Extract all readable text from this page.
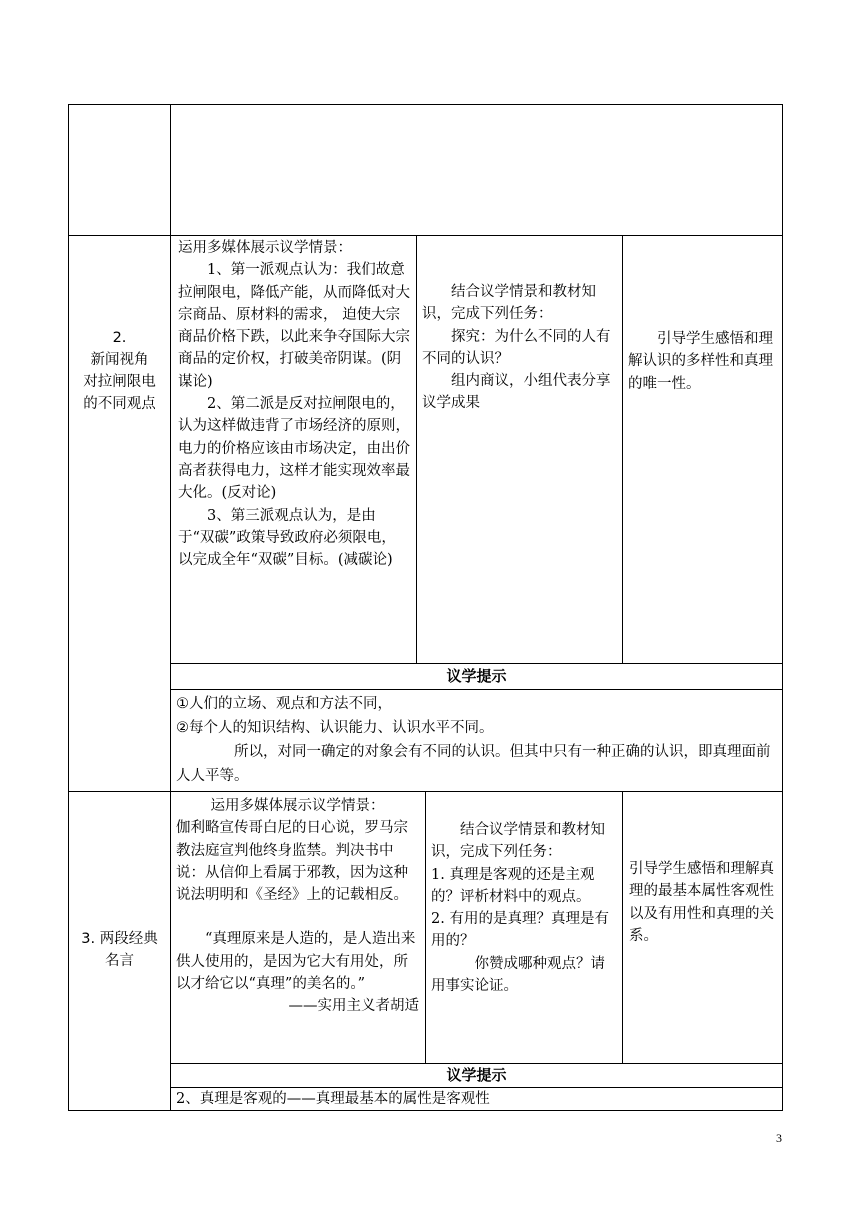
2.
新闻视角
对拉闸限电
的不同观点

运用多媒体展示议学情景：

1、第一派观点认为：我们故意拉闸限电，降低产能，从而降低对大宗商品、原材料的需求， 迫使大宗商品价格下跌，以此来争夺国际大宗商品的定价权，打破美帝阴谋。(阴谋论)

2、第二派是反对拉闸限电的，认为这样做违背了市场经济的原则，电力的价格应该由市场决定，由出价高者获得电力，这样才能实现效率最大化。(反对论)

3、第三派观点认为，是由于“双碳”政策导致政府必须限电，以完成全年“双碳”目标。(减碳论)

结合议学情景和教材知识，完成下列任务：

探究：为什么不同的人有不同的认识？

组内商议，小组代表分享议学成果

引导学生感悟和理解认识的多样性和真理的唯一性。

议学提示

①人们的立场、观点和方法不同，

②每个人的知识结构、认识能力、认识水平不同。

所以，对同一确定的对象会有不同的认识。但其中只有一种正确的认识，即真理面前人人平等。

3. 两段经典
名言

运用多媒体展示议学情景：

伽利略宣传哥白尼的日心说，罗马宗教法庭宣判他终身监禁。判决书中说：从信仰上看属于邪教，因为这种说法明明和《圣经》上的记载相反。

“真理原来是人造的，是人造出来供人使用的，是因为它大有用处，所以才给它以“真理”的美名的。”

——实用主义者胡适

结合议学情景和教材知识，完成下列任务：

1. 真理是客观的还是主观的？评析材料中的观点。

2. 有用的是真理？真理是有用的？

你赞成哪种观点？请用事实论证。

引导学生感悟和理解真理的最基本属性客观性以及有用性和真理的关系。

议学提示

2、真理是客观的——真理最基本的属性是客观性

3
